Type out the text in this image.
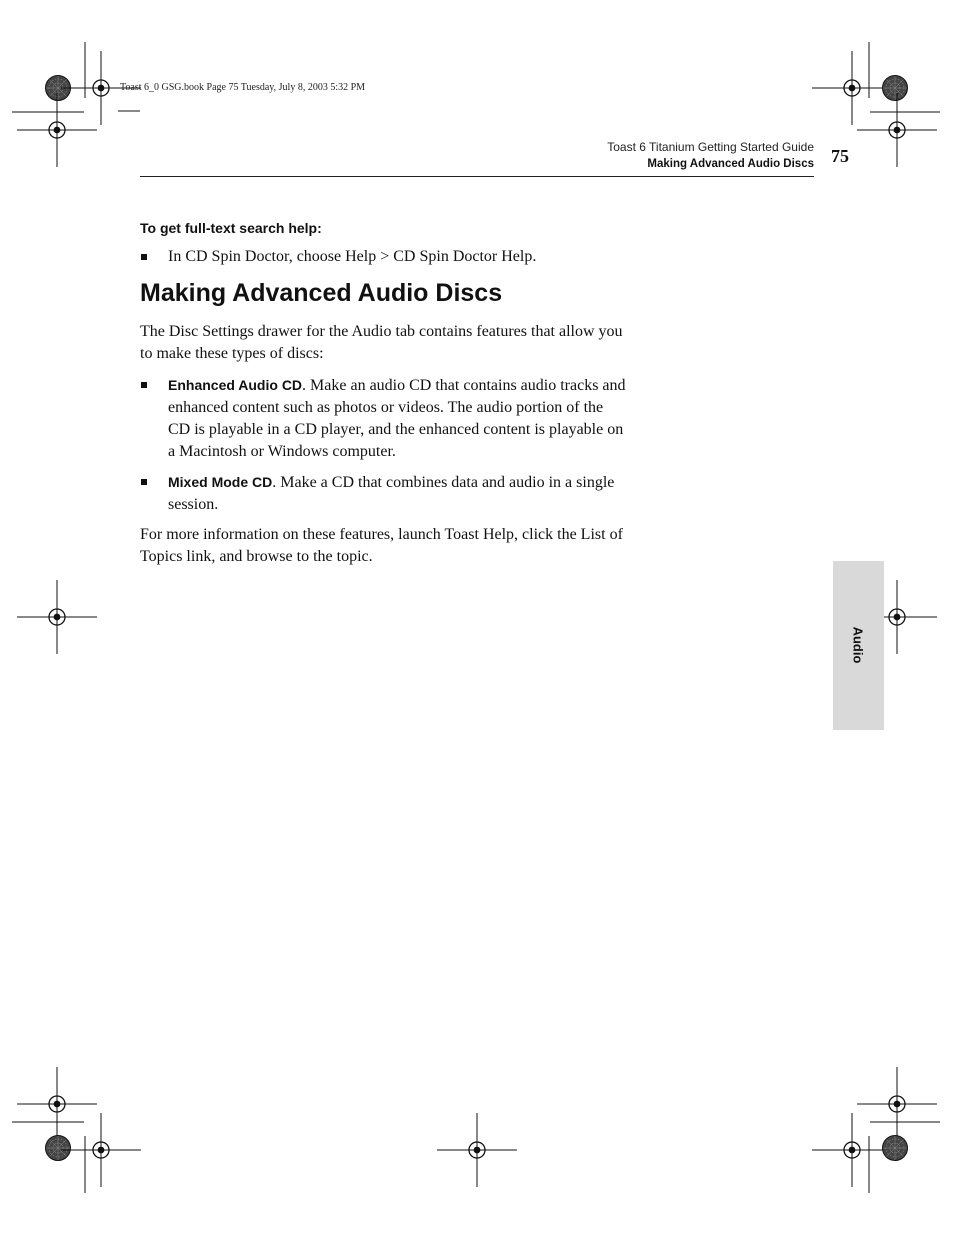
Toast 6_0 GSG.book Page 75 Tuesday, July 8, 2003 5:32 PM
Toast 6 Titanium Getting Started Guide
Making Advanced Audio Discs 75
To get full-text search help:
In CD Spin Doctor, choose Help > CD Spin Doctor Help.
Making Advanced Audio Discs
The Disc Settings drawer for the Audio tab contains features that allow you
to make these types of discs:
Enhanced Audio CD. Make an audio CD that contains audio tracks and
enhanced content such as photos or videos. The audio portion of the
CD is playable in a CD player, and the enhanced content is playable on
a Macintosh or Windows computer.
Mixed Mode CD. Make a CD that combines data and audio in a single
session.
For more information on these features, launch Toast Help, click the List of
Topics link, and browse to the topic.
Audio
